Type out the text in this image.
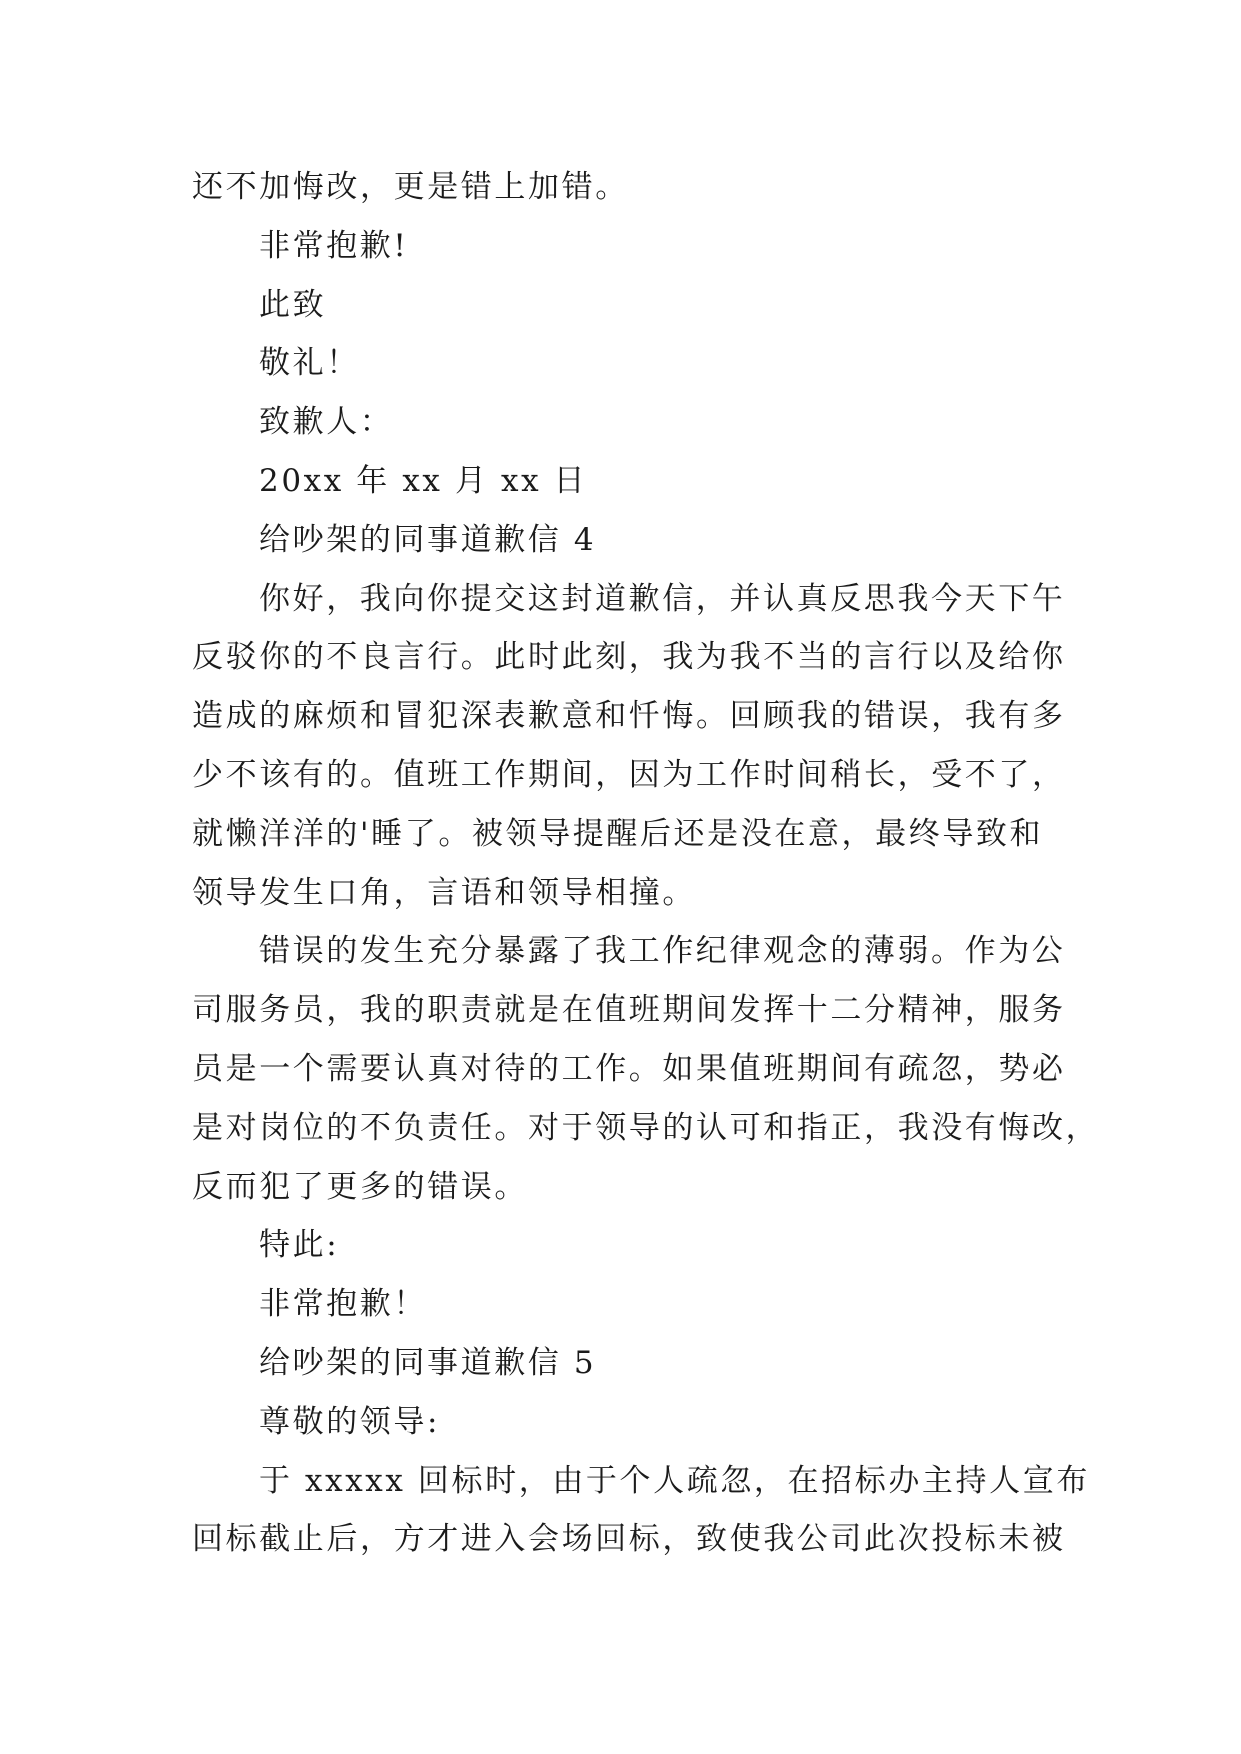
还不加悔改，更是错上加错。
非常抱歉!
此致
敬礼！
致歉人：
20xx 年 xx 月 xx 日
给吵架的同事道歉信 4
你好，我向你提交这封道歉信，并认真反思我今天下午
反驳你的不良言行。此时此刻，我为我不当的言行以及给你
造成的麻烦和冒犯深表歉意和忏悔。回顾我的错误，我有多
少不该有的。值班工作期间，因为工作时间稍长，受不了，
就懒洋洋的'睡了。被领导提醒后还是没在意，最终导致和
领导发生口角，言语和领导相撞。
错误的发生充分暴露了我工作纪律观念的薄弱。作为公
司服务员，我的职责就是在值班期间发挥十二分精神，服务
员是一个需要认真对待的工作。如果值班期间有疏忽，势必
是对岗位的不负责任。对于领导的认可和指正，我没有悔改，
反而犯了更多的错误。
特此:
非常抱歉！
给吵架的同事道歉信 5
尊敬的领导:
于 xxxxx 回标时，由于个人疏忽，在招标办主持人宣布
回标截止后，方才进入会场回标，致使我公司此次投标未被
